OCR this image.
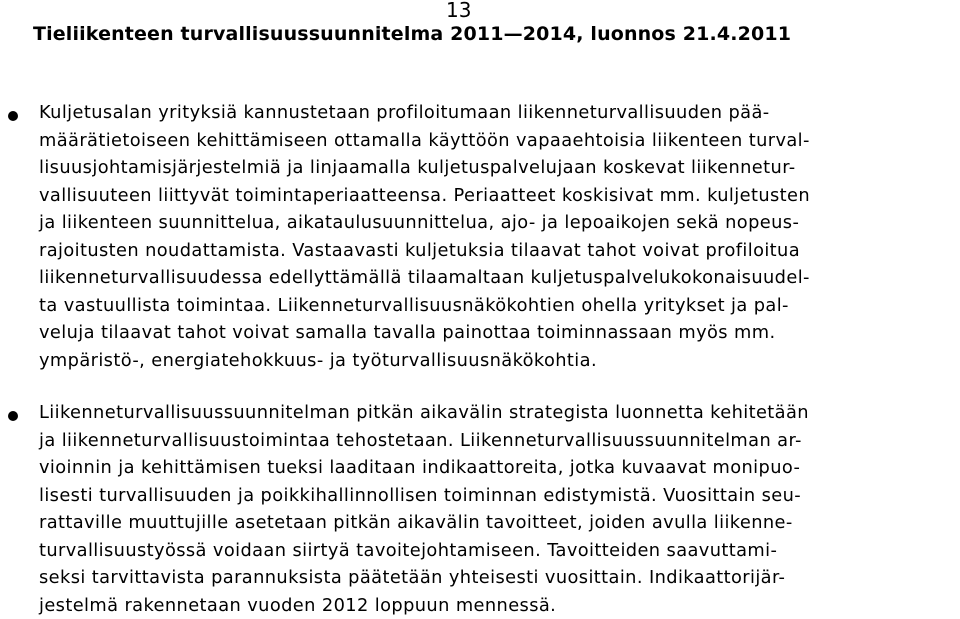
13
Tieliikenteen turvallisuussuunnitelma 2011—2014, luonnos 21.4.2011
Kuljetusalan yrityksiä kannustetaan profiloitumaan liikenneturvallisuuden pää-
määrätietoiseen kehittämiseen ottamalla käyttöön vapaaehtoisia liikenteen turval-
lisuusjohtamisjärjestelmiä ja linjaamalla kuljetuspalvelujaan koskevat liikennetur-
vallisuuteen liittyvät toimintaperiaatteensa. Periaatteet koskisivat mm. kuljetusten
ja liikenteen suunnittelua, aikataulusuunnittelua, ajo- ja lepoaikojen sekä nopeus-
rajoitusten noudattamista. Vastaavasti kuljetuksia tilaavat tahot voivat profiloitua
liikenneturvallisuudessa edellyttämällä tilaamaltaan kuljetuspalvelukokonaisuudel-
ta vastuullista toimintaa. Liikenneturvallisuusnäkökohtien ohella yritykset ja pal-
veluja tilaavat tahot voivat samalla tavalla painottaa toiminnassaan myös mm.
ympäristö-, energiatehokkuus- ja työturvallisuusnäkökohtia.
Liikenneturvallisuussuunnitelman pitkän aikavälin strategista luonnetta kehitetään
ja liikenneturvallisuustoimintaa tehostetaan. Liikenneturvallisuussuunnitelman ar-
vioinnin ja kehittämisen tueksi laaditaan indikaattoreita, jotka kuvaavat monipuo-
lisesti turvallisuuden ja poikkihallinnollisen toiminnan edistymistä. Vuosittain seu-
rattaville muuttujille asetetaan pitkän aikavälin tavoitteet, joiden avulla liikenne-
turvallisuustyössä voidaan siirtyä tavoitejohtamiseen. Tavoitteiden saavuttami-
seksi tarvittavista parannuksista päätetään yhteisesti vuosittain. Indikaattorijär-
jestelmä rakennetaan vuoden 2012 loppuun mennessä.
